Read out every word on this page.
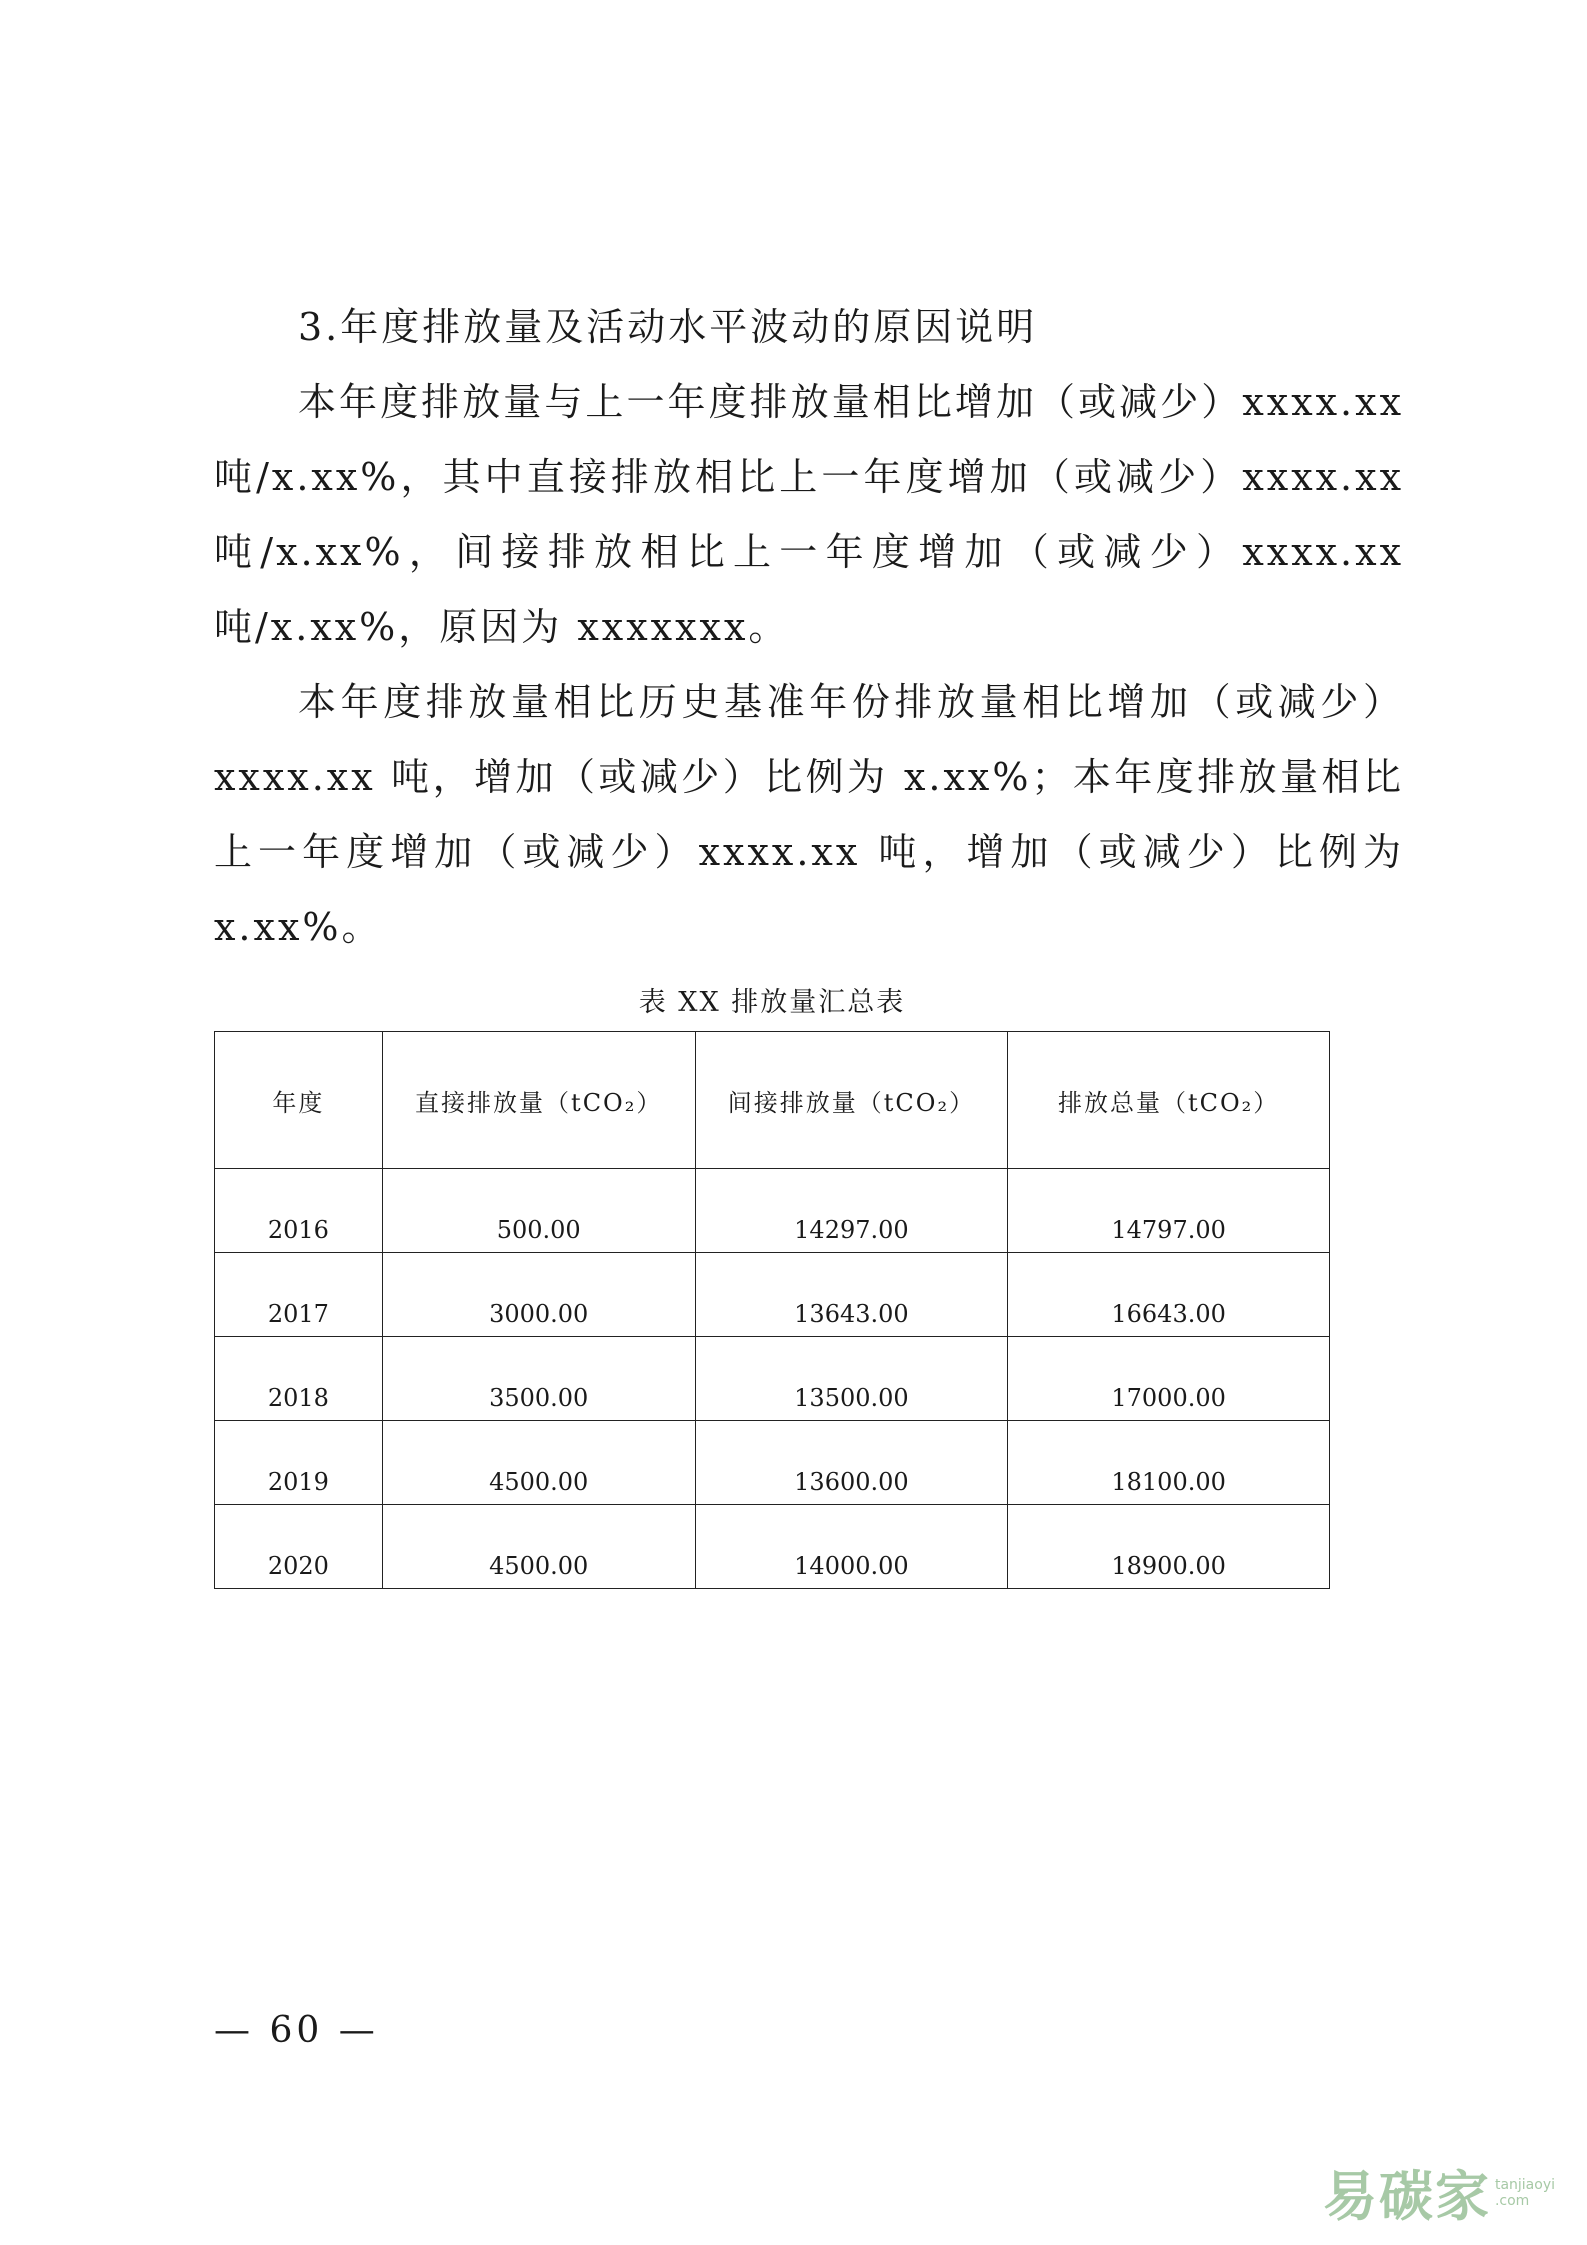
3.年度排放量及活动水平波动的原因说明

本年度排放量与上一年度排放量相比增加（或减少）xxxx.xx 吨/x.xx%，其中直接排放相比上一年度增加（或减少）xxxx.xx 吨/x.xx%，间接排放相比上一年度增加（或减少）xxxx.xx 吨/x.xx%，原因为 xxxxxxx。

本年度排放量相比历史基准年份排放量相比增加（或减少）xxxx.xx 吨，增加（或减少）比例为 x.xx%；本年度排放量相比上一年度增加（或减少）xxxx.xx 吨，增加（或减少）比例为 x.xx%。

表 XX 排放量汇总表
年度	直接排放量（tCO₂）	间接排放量（tCO₂）	排放总量（tCO₂）
2016	500.00	14297.00	14797.00
2017	3000.00	13643.00	16643.00
2018	3500.00	13500.00	17000.00
2019	4500.00	13600.00	18100.00
2020	4500.00	14000.00	18900.00
— 60 —
易碳家 tanjiaoyi
.com
